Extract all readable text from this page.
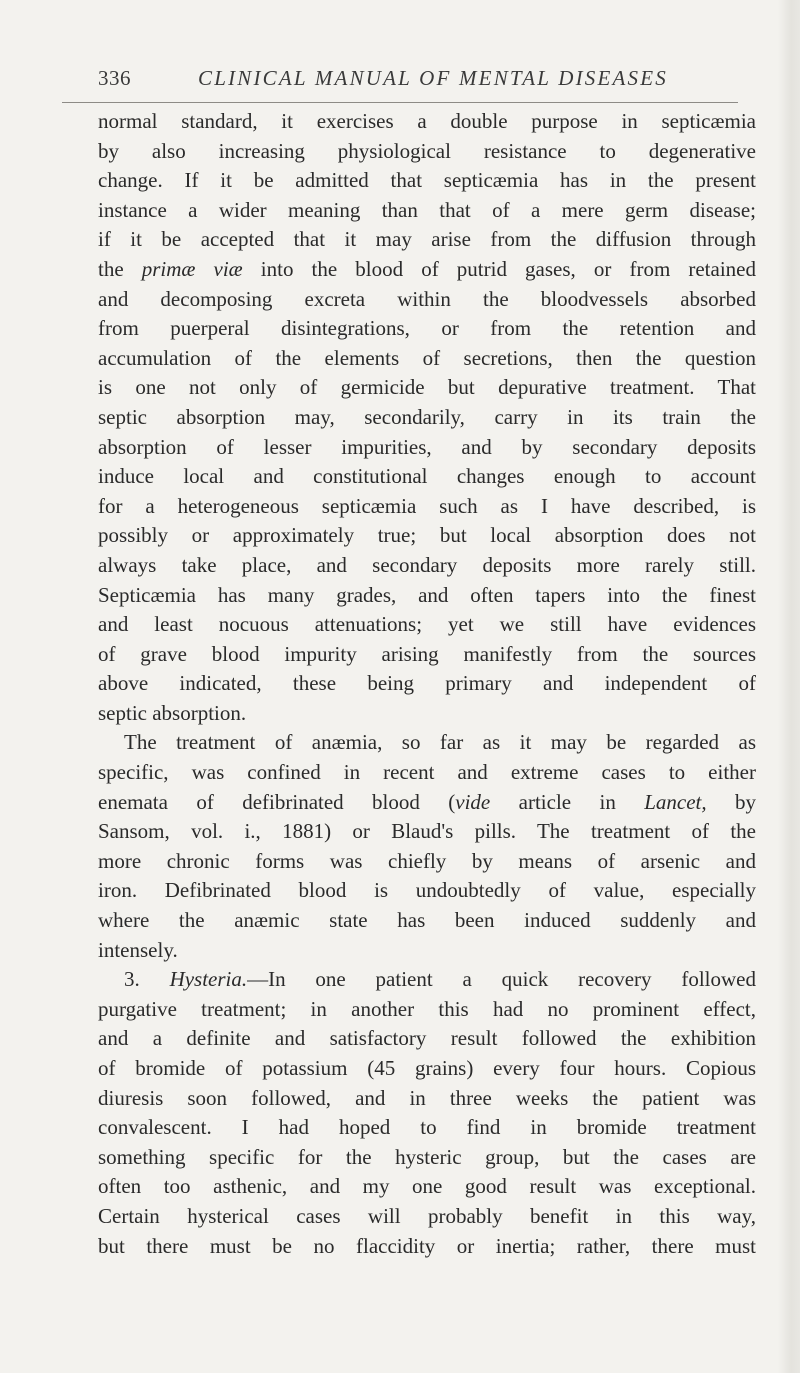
336	CLINICAL MANUAL OF MENTAL DISEASES
normal standard, it exercises a double purpose in septicæmia
by also increasing physiological resistance to degenerative
change. If it be admitted that septicæmia has in the present
instance a wider meaning than that of a mere germ disease;
if it be accepted that it may arise from the diffusion through
the primæ viæ into the blood of putrid gases, or from retained
and decomposing excreta within the bloodvessels absorbed
from puerperal disintegrations, or from the retention and
accumulation of the elements of secretions, then the question
is one not only of germicide but depurative treatment. That
septic absorption may, secondarily, carry in its train the
absorption of lesser impurities, and by secondary deposits
induce local and constitutional changes enough to account
for a heterogeneous septicæmia such as I have described, is
possibly or approximately true; but local absorption does not
always take place, and secondary deposits more rarely still.
Septicæmia has many grades, and often tapers into the finest
and least nocuous attenuations; yet we still have evidences
of grave blood impurity arising manifestly from the sources
above indicated, these being primary and independent of
septic absorption.
The treatment of anæmia, so far as it may be regarded as
specific, was confined in recent and extreme cases to either
enemata of defibrinated blood (vide article in Lancet, by
Sansom, vol. i., 1881) or Blaud's pills. The treatment of the
more chronic forms was chiefly by means of arsenic and
iron. Defibrinated blood is undoubtedly of value, especially
where the anæmic state has been induced suddenly and
intensely.
3. Hysteria.—In one patient a quick recovery followed
purgative treatment; in another this had no prominent effect,
and a definite and satisfactory result followed the exhibition
of bromide of potassium (45 grains) every four hours. Copious
diuresis soon followed, and in three weeks the patient was
convalescent. I had hoped to find in bromide treatment
something specific for the hysteric group, but the cases are
often too asthenic, and my one good result was exceptional.
Certain hysterical cases will probably benefit in this way,
but there must be no flaccidity or inertia; rather, there must
